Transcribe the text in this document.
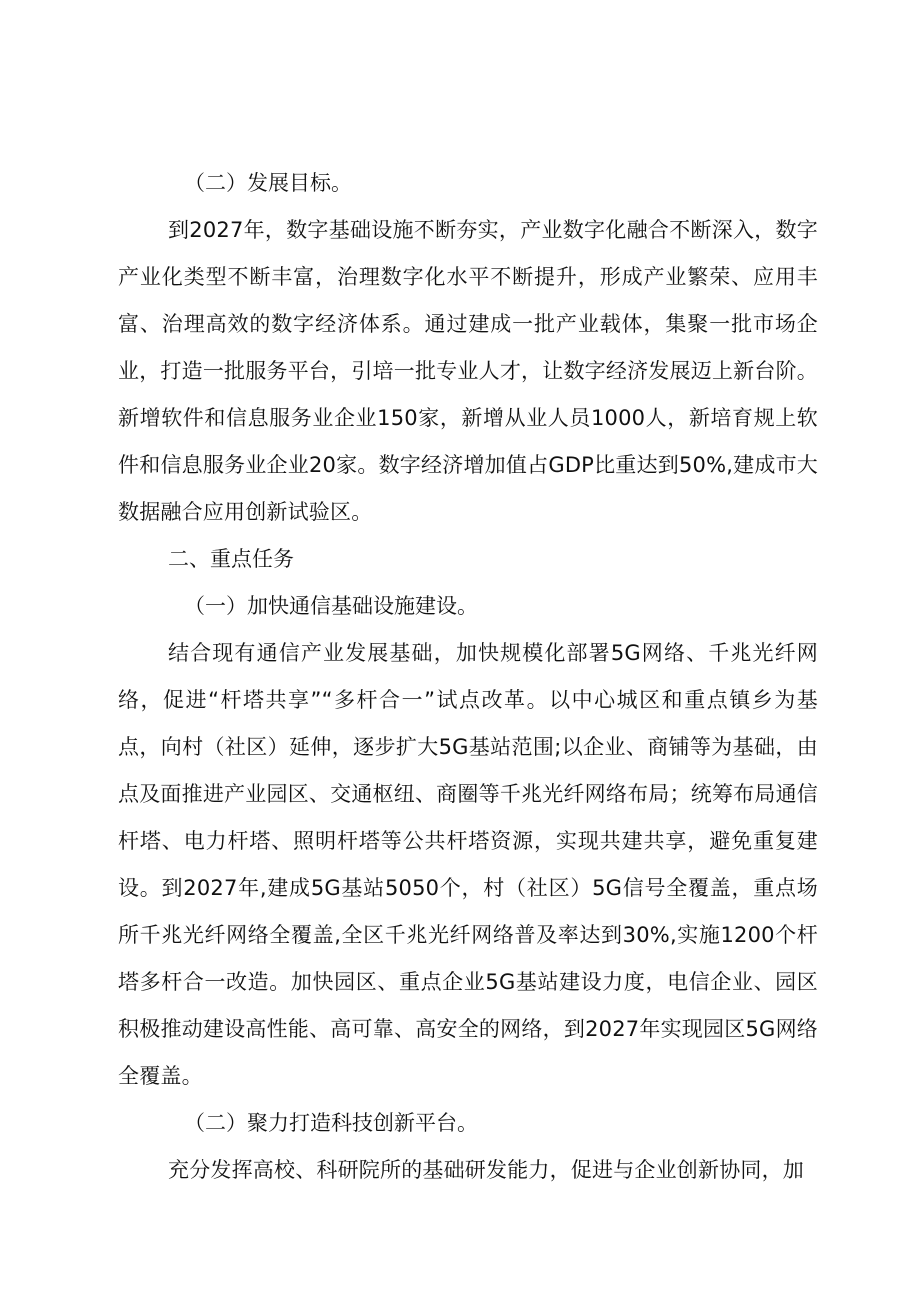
（二）发展目标。

到2027年，数字基础设施不断夯实，产业数字化融合不断深入，数字产业化类型不断丰富，治理数字化水平不断提升，形成产业繁荣、应用丰富、治理高效的数字经济体系。通过建成一批产业载体，集聚一批市场企业，打造一批服务平台，引培一批专业人才，让数字经济发展迈上新台阶。新增软件和信息服务业企业150家，新增从业人员1000人，新培育规上软件和信息服务业企业20家。数字经济增加值占GDP比重达到50%,建成市大数据融合应用创新试验区。

二、重点任务

（一）加快通信基础设施建设。

结合现有通信产业发展基础，加快规模化部署5G网络、千兆光纤网络，促进“杆塔共享”“多杆合一”试点改革。以中心城区和重点镇乡为基点，向村（社区）延伸，逐步扩大5G基站范围;以企业、商铺等为基础，由点及面推进产业园区、交通枢纽、商圈等千兆光纤网络布局；统筹布局通信杆塔、电力杆塔、照明杆塔等公共杆塔资源，实现共建共享，避免重复建设。到2027年,建成5G基站5050个，村（社区）5G信号全覆盖，重点场所千兆光纤网络全覆盖,全区千兆光纤网络普及率达到30%,实施1200个杆塔多杆合一改造。加快园区、重点企业5G基站建设力度，电信企业、园区积极推动建设高性能、高可靠、高安全的网络，到2027年实现园区5G网络全覆盖。

（二）聚力打造科技创新平台。

充分发挥高校、科研院所的基础研发能力，促进与企业创新协同，加
